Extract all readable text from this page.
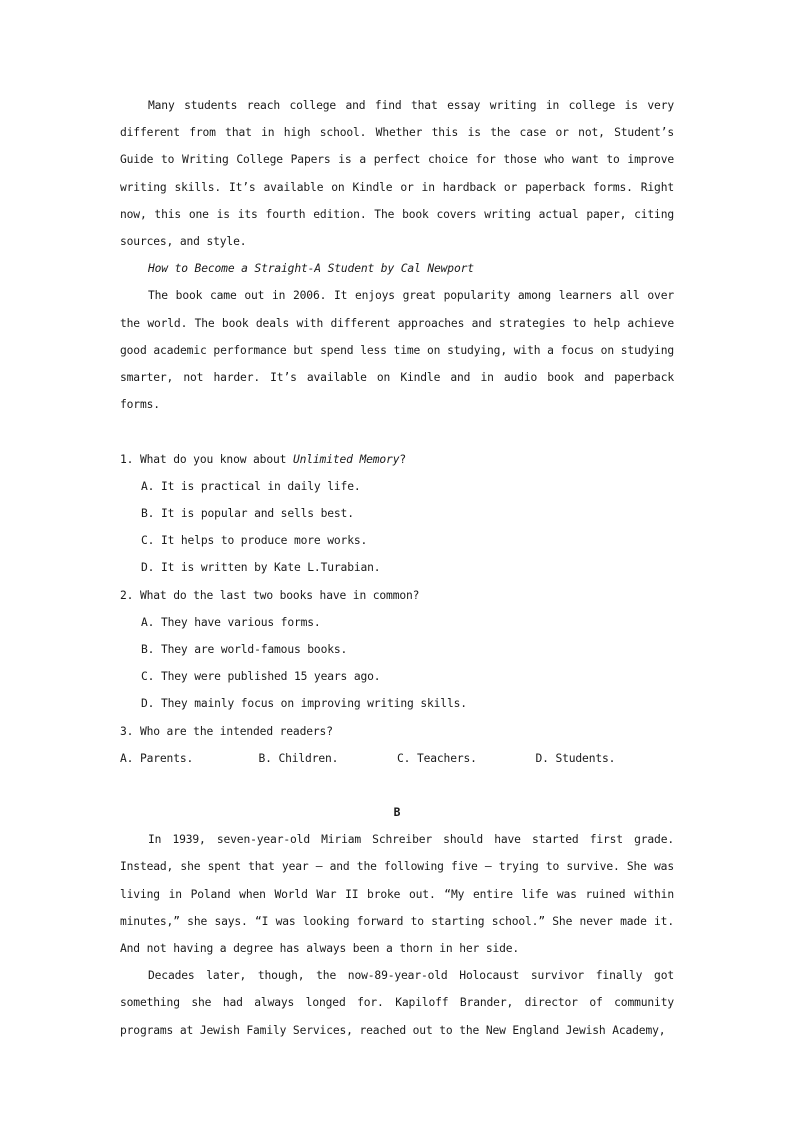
Many students reach college and find that essay writing in college is very different from that in high school. Whether this is the case or not, Student’s Guide to Writing College Papers is a perfect choice for those who want to improve writing skills. It’s available on Kindle or in hardback or paperback forms. Right now, this one is its fourth edition. The book covers writing actual paper, citing sources, and style.

How to Become a Straight-A Student by Cal Newport

The book came out in 2006. It enjoys great popularity among learners all over the world. The book deals with different approaches and strategies to help achieve good academic performance but spend less time on studying, with a focus on studying smarter, not harder. It’s available on Kindle and in audio book and paperback forms.

1. What do you know about Unlimited Memory?
A. It is practical in daily life.
B. It is popular and sells best.
C. It helps to produce more works.
D. It is written by Kate L.Turabian.
2. What do the last two books have in common?
A. They have various forms.
B. They are world-famous books.
C. They were published 15 years ago.
D. They mainly focus on improving writing skills.
3. Who are the intended readers?
A. Parents.	B. Children.	C. Teachers.	D. Students.
B

In 1939, seven-year-old Miriam Schreiber should have started first grade. Instead, she spent that year — and the following five — trying to survive. She was living in Poland when World War II broke out. “My entire life was ruined within minutes,” she says. “I was looking forward to starting school.” She never made it. And not having a degree has always been a thorn in her side.

Decades later, though, the now-89-year-old Holocaust survivor finally got something she had always longed for. Kapiloff Brander, director of community programs at Jewish Family Services, reached out to the New England Jewish Academy,
